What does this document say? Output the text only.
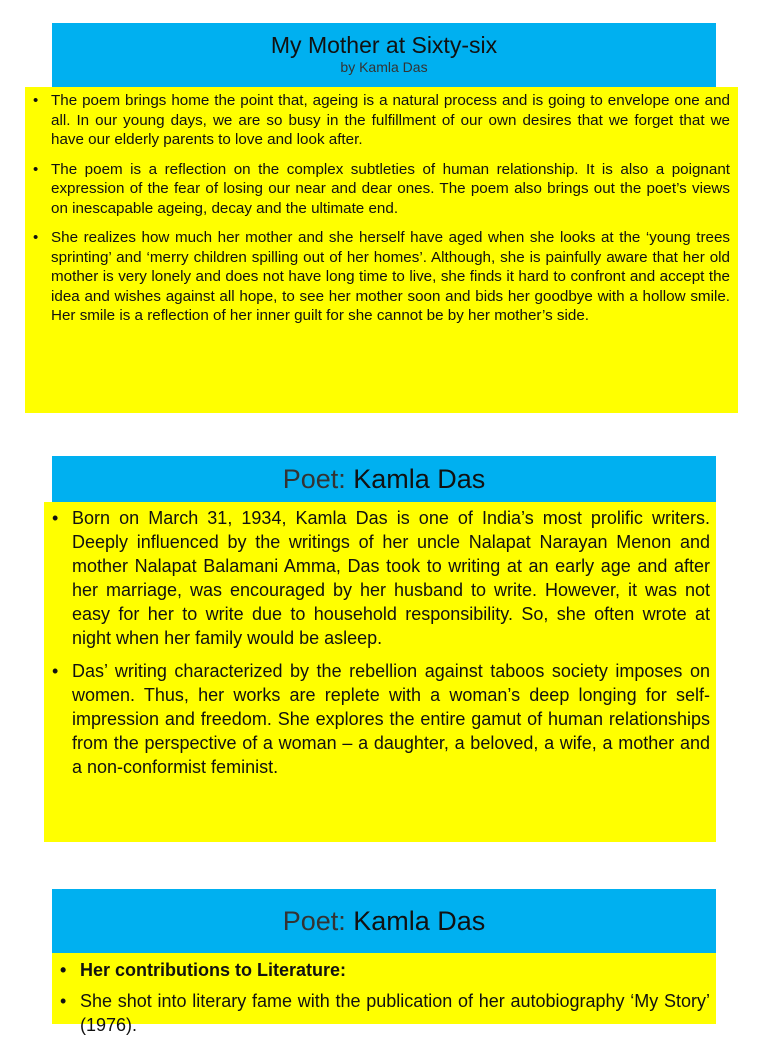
My Mother at Sixty-six
by Kamla Das
• The poem brings home the point that, ageing is a natural process and is going to envelope one and all. In our young days, we are so busy in the fulfillment of our own desires that we forget that we have our elderly parents to love and look after.
• The poem is a reflection on the complex subtleties of human relationship. It is also a poignant expression of the fear of losing our near and dear ones. The poem also brings out the poet’s views on inescapable ageing, decay and the ultimate end.
• She realizes how much her mother and she herself have aged when she looks at the ‘young trees sprinting’ and ‘merry children spilling out of her homes’. Although, she is painfully aware that her old mother is very lonely and does not have long time to live, she finds it hard to confront and accept the idea and wishes against all hope, to see her mother soon and bids her goodbye with a hollow smile. Her smile is a reflection of her inner guilt for she cannot be by her mother’s side.
Poet: Kamla Das
• Born on March 31, 1934, Kamla Das is one of India’s most prolific writers. Deeply influenced by the writings of her uncle Nalapat Narayan Menon and mother Nalapat Balamani Amma, Das took to writing at an early age and after her marriage, was encouraged by her husband to write. However, it was not easy for her to write due to household responsibility. So, she often wrote at night when her family would be asleep.
• Das’ writing characterized by the rebellion against taboos society imposes on women. Thus, her works are replete with a woman’s deep longing for self-impression and freedom. She explores the entire gamut of human relationships from the perspective of a woman – a daughter, a beloved, a wife, a mother and a non-conformist feminist.
Poet: Kamla Das
• Her contributions to Literature:
• She shot into literary fame with the publication of her autobiography ‘My Story’ (1976).
